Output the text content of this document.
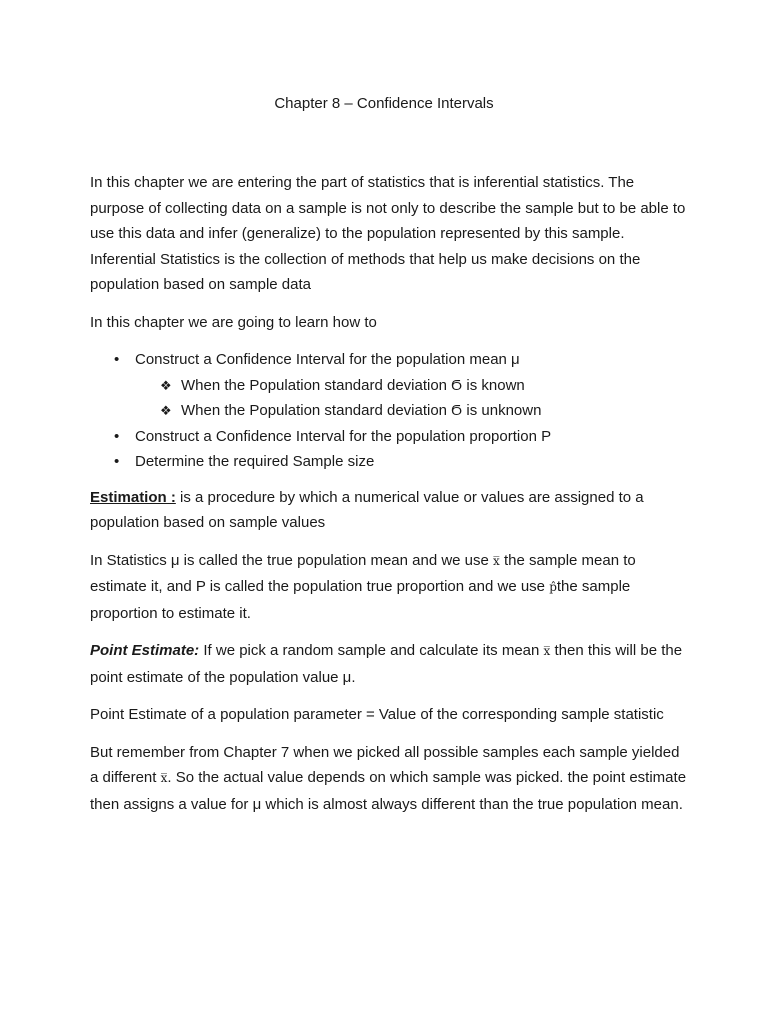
Chapter 8 – Confidence Intervals

In this chapter we are entering the part of statistics that is inferential statistics. The purpose of collecting data on a sample is not only to describe the sample but to be able to use this data and infer (generalize) to the population represented by this sample. Inferential Statistics is the collection of methods that help us make decisions on the population based on sample data

In this chapter we are going to learn how to

• Construct a Confidence Interval for the population mean μ
❖ When the Population standard deviation Ϭ is known
❖ When the Population standard deviation Ϭ is unknown
• Construct a Confidence Interval for the population proportion P
• Determine the required Sample size

Estimation : is a procedure by which a numerical value or values are assigned to a population based on sample values

In Statistics μ is called the true population mean and we use x̅ the sample mean to estimate it, and P is called the population true proportion and we use p̂the sample proportion to estimate it.

Point Estimate: If we pick a random sample and calculate its mean x̅ then this will be the point estimate of the population value μ.

Point Estimate of a population parameter = Value of the corresponding sample statistic

But remember from Chapter 7 when we picked all possible samples each sample yielded a different x̅. So the actual value depends on which sample was picked. the point estimate then assigns a value for μ which is almost always different than the true population mean.
